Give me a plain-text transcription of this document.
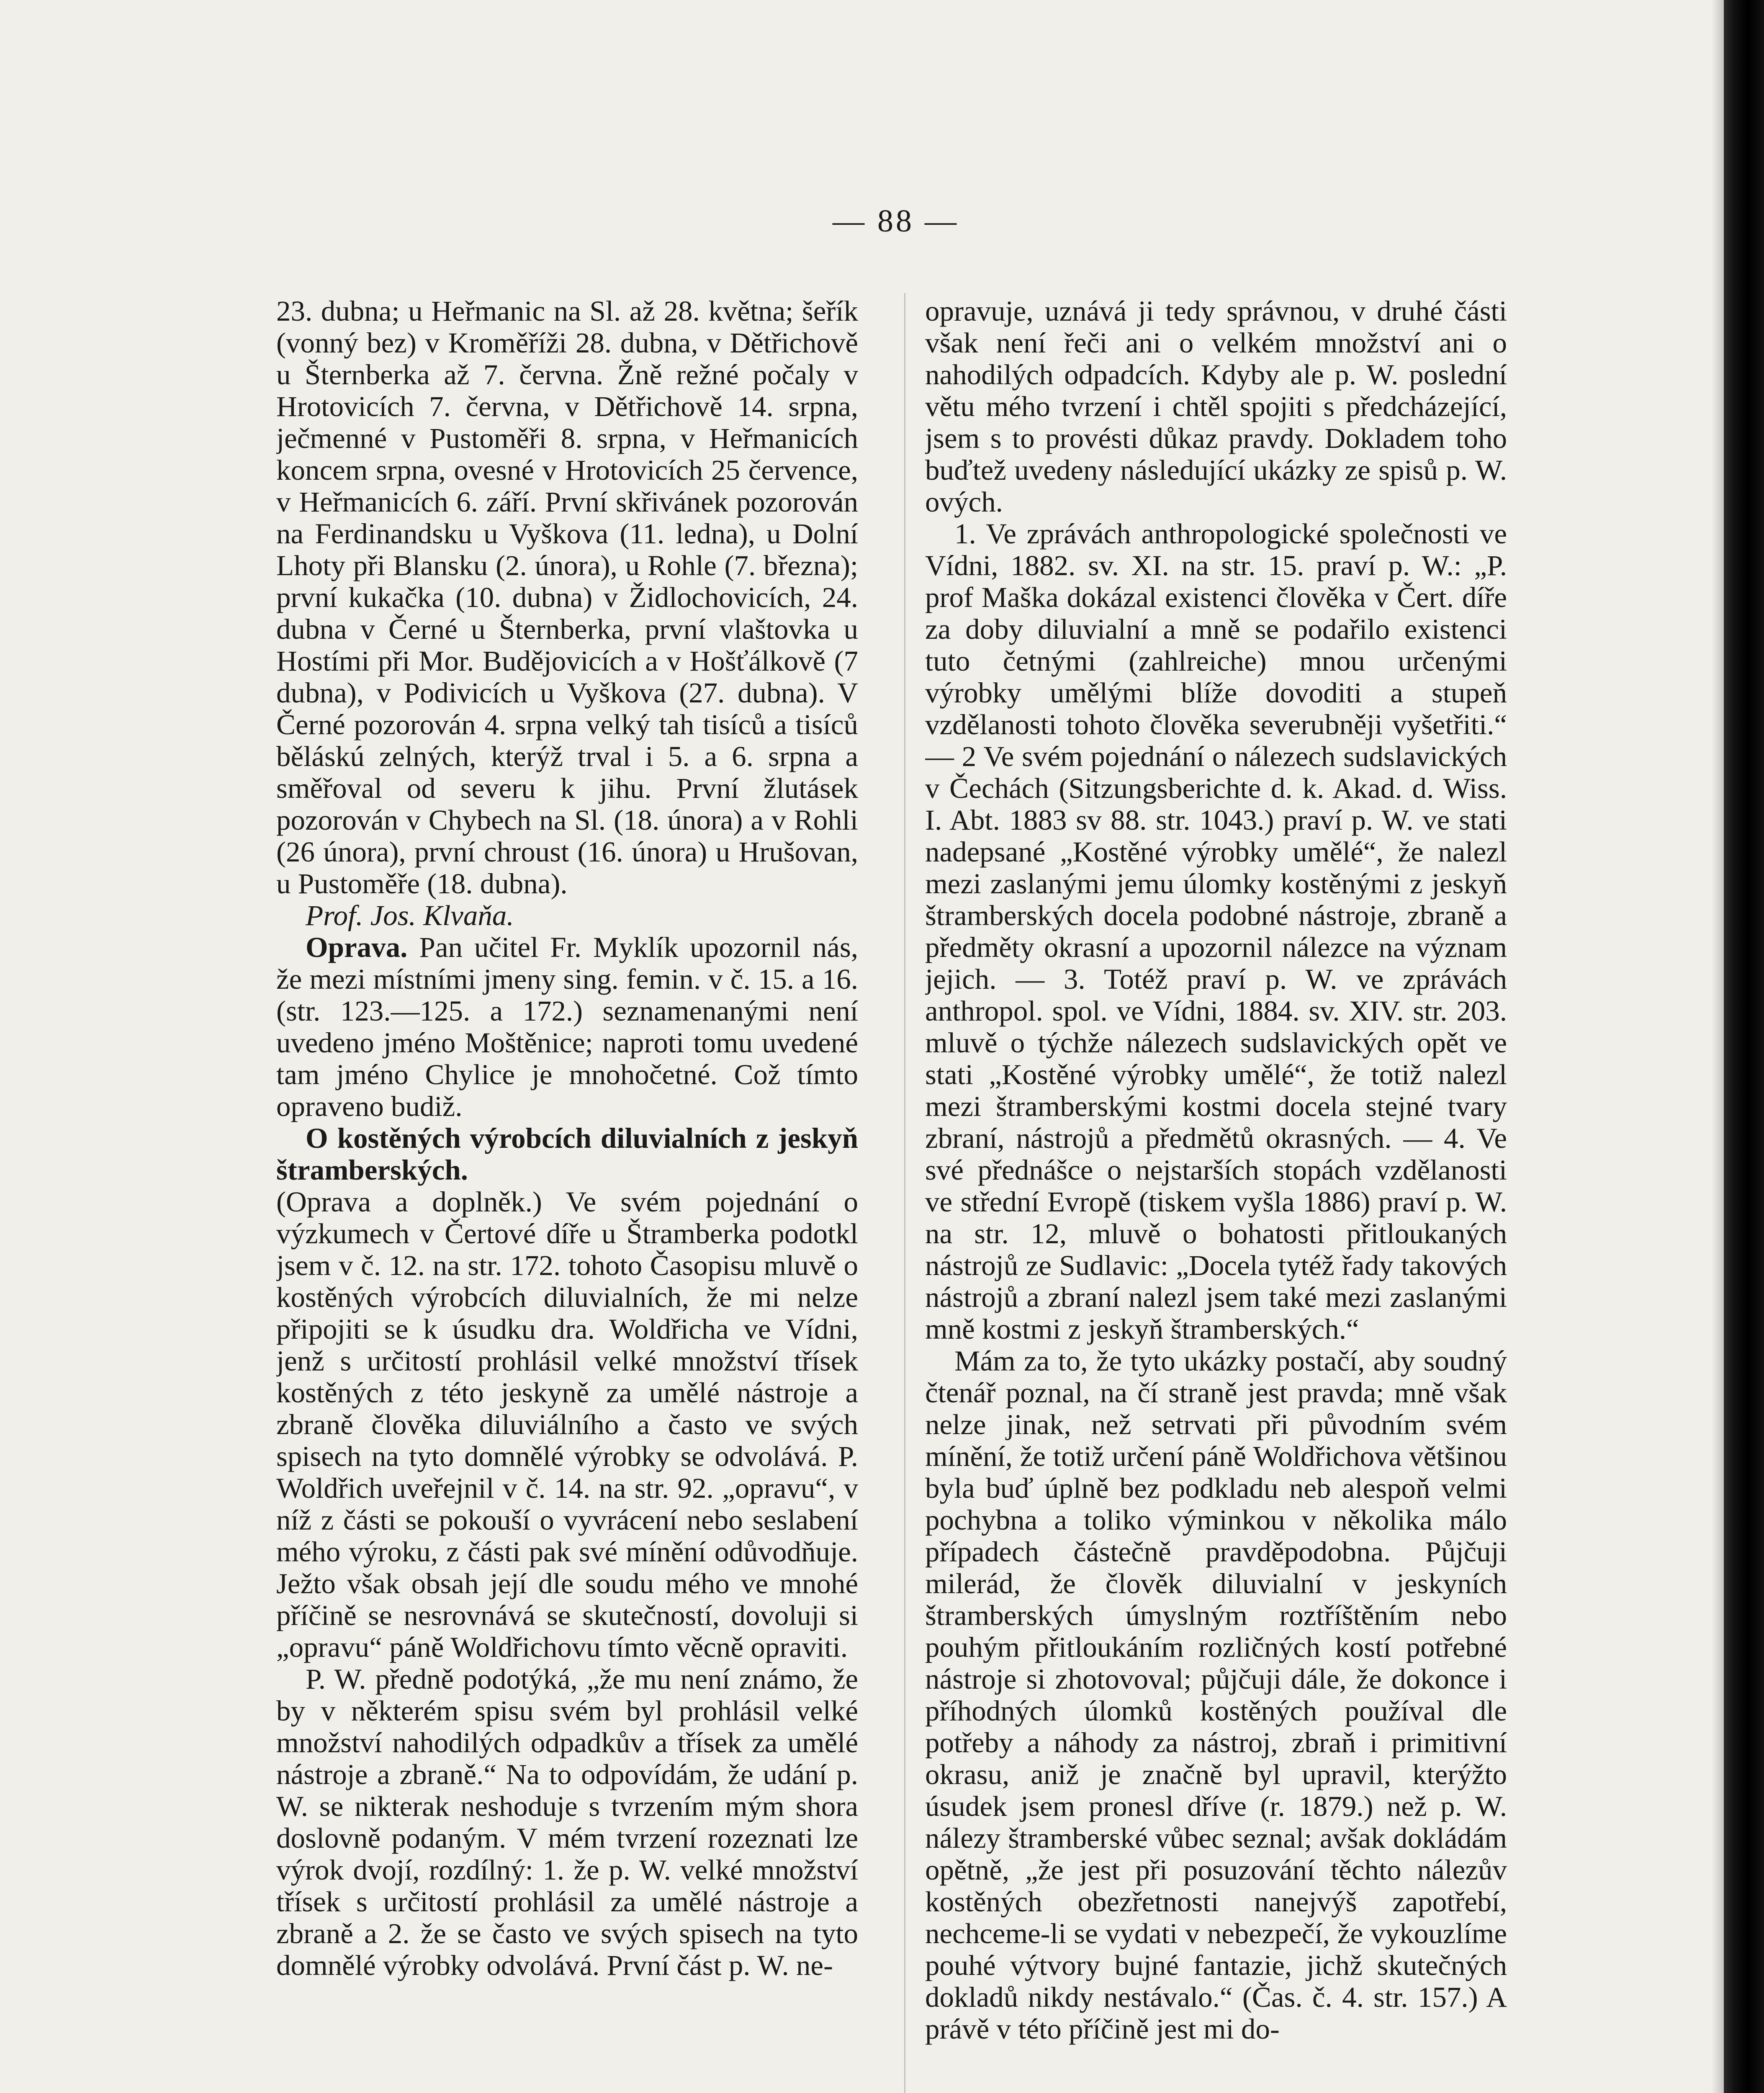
— 88 —

23. dubna; u Heřmanic na Sl. až 28. května; šeřík (vonný bez) v Kroměříži 28. dubna, v Dětřichově u Šternberka až 7. června. Žně režné počaly v Hrotovicích 7. června, v Dětřichově 14. srpna, ječmenné v Pustoměři 8. srpna, v Heřmanicích koncem srpna, ovesné v Hrotovicích 25 července, v Heřmanicích 6. září. První skřivánek pozorován na Ferdinandsku u Vyškova (11. ledna), u Dolní Lhoty při Blansku (2. února), u Rohle (7. března); první kukačka (10. dubna) v Židlochovicích, 24. dubna v Černé u Šternberka, první vlaštovka u Hostími při Mor. Budějovicích a v Hošťálkově (7 dubna), v Podivicích u Vyškova (27. dubna). V Černé pozorován 4. srpna velký tah tisíců a tisíců běláskú zelných, kterýž trval i 5. a 6. srpna a směřoval od severu k jihu. První žlutásek pozorován v Chybech na Sl. (18. února) a v Rohli (26 února), první chroust (16. února) u Hrušovan, u Pustoměře (18. dubna).

Prof. Jos. Klvaňa.

Oprava. Pan učitel Fr. Myklík upozornil nás, že mezi místními jmeny sing. femin. v č. 15. a 16. (str. 123.—125. a 172.) seznamenanými není uvedeno jméno Moštěnice; naproti tomu uvedené tam jméno Chylice je mnohočetné. Což tímto opraveno budiž.

O kostěných výrobcích diluvialních z jeskyň štramberských.

(Oprava a doplněk.) Ve svém pojednání o výzkumech v Čertové díře u Štramberka podotkl jsem v č. 12. na str. 172. tohoto Časopisu mluvě o kostěných výrobcích diluvialních, že mi nelze připojiti se k úsudku dra. Woldřicha ve Vídni, jenž s určitostí prohlásil velké množství třísek kostěných z této jeskyně za umělé nástroje a zbraně člověka diluviálního a často ve svých spisech na tyto domnělé výrobky se odvolává. P. Woldřich uveřejnil v č. 14. na str. 92. „opravu“, v níž z části se pokouší o vyvrácení nebo seslabení mého výroku, z části pak své mínění odůvodňuje. Ježto však obsah její dle soudu mého ve mnohé příčině se nesrovnává se skutečností, dovoluji si „opravu“ páně Woldřichovu tímto věcně opraviti.

P. W. předně podotýká, „že mu není známo, že by v některém spisu svém byl prohlásil velké množství nahodilých odpadkův a třísek za umělé nástroje a zbraně.“ Na to odpovídám, že udání p. W. se nikterak neshoduje s tvrzením mým shora doslovně podaným. V mém tvrzení rozeznati lze výrok dvojí, rozdílný: 1. že p. W. velké množství třísek s určitostí prohlásil za umělé nástroje a zbraně a 2. že se často ve svých spisech na tyto domnělé výrobky odvolává. První část p. W. ne-

opravuje, uznává ji tedy správnou, v druhé části však není řeči ani o velkém množství ani o nahodilých odpadcích. Kdyby ale p. W. poslední větu mého tvrzení i chtěl spojiti s předcházející, jsem s to provésti důkaz pravdy. Dokladem toho buďtež uvedeny následující ukázky ze spisů p. W. ových.

1. Ve zprávách anthropologické společnosti ve Vídni, 1882. sv. XI. na str. 15. praví p. W.: „P. prof Maška dokázal existenci člověka v Čert. díře za doby diluvialní a mně se podařilo existenci tuto četnými (zahlreiche) mnou určenými výrobky umělými blíže dovoditi a stupeň vzdělanosti tohoto člověka severubněji vyšetřiti.“ — 2 Ve svém pojednání o nálezech sudslavických v Čechách (Sitzungsberichte d. k. Akad. d. Wiss. I. Abt. 1883 sv 88. str. 1043.) praví p. W. ve stati nadepsané „Kostěné výrobky umělé“, že nalezl mezi zaslanými jemu úlomky kostěnými z jeskyň štramberských docela podobné nástroje, zbraně a předměty okrasní a upozornil nálezce na význam jejich. — 3. Totéž praví p. W. ve zprávách anthropol. spol. ve Vídni, 1884. sv. XIV. str. 203. mluvě o týchže nálezech sudslavických opět ve stati „Kostěné výrobky umělé“, že totiž nalezl mezi štramberskými kostmi docela stejné tvary zbraní, nástrojů a předmětů okrasných. — 4. Ve své přednášce o nejstarších stopách vzdělanosti ve střední Evropě (tiskem vyšla 1886) praví p. W. na str. 12, mluvě o bohatosti přitloukaných nástrojů ze Sudlavic: „Docela tytéž řady takových nástrojů a zbraní nalezl jsem také mezi zaslanými mně kostmi z jeskyň štramberských.“

Mám za to, že tyto ukázky postačí, aby soudný čtenář poznal, na čí straně jest pravda; mně však nelze jinak, než setrvati při původním svém mínění, že totiž určení páně Woldřichova většinou byla buď úplně bez podkladu neb alespoň velmi pochybna a toliko výminkou v několika málo případech částečně pravděpodobna. Půjčuji milerád, že člověk diluvialní v jeskyních štramberských úmyslným roztříštěním nebo pouhým přitloukáním rozličných kostí potřebné nástroje si zhotovoval; půjčuji dále, že dokonce i příhodných úlomků kostěných používal dle potřeby a náhody za nástroj, zbraň i primitivní okrasu, aniž je značně byl upravil, kterýžto úsudek jsem pronesl dříve (r. 1879.) než p. W. nálezy štramberské vůbec seznal; avšak dokládám opětně, „že jest při posuzování těchto nálezův kostěných obezřetnosti nanejvýš zapotřebí, nechceme-li se vydati v nebezpečí, že vykouzlíme pouhé výtvory bujné fantazie, jichž skutečných dokladů nikdy nestávalo.“ (Čas. č. 4. str. 157.) A právě v této příčině jest mi do-
